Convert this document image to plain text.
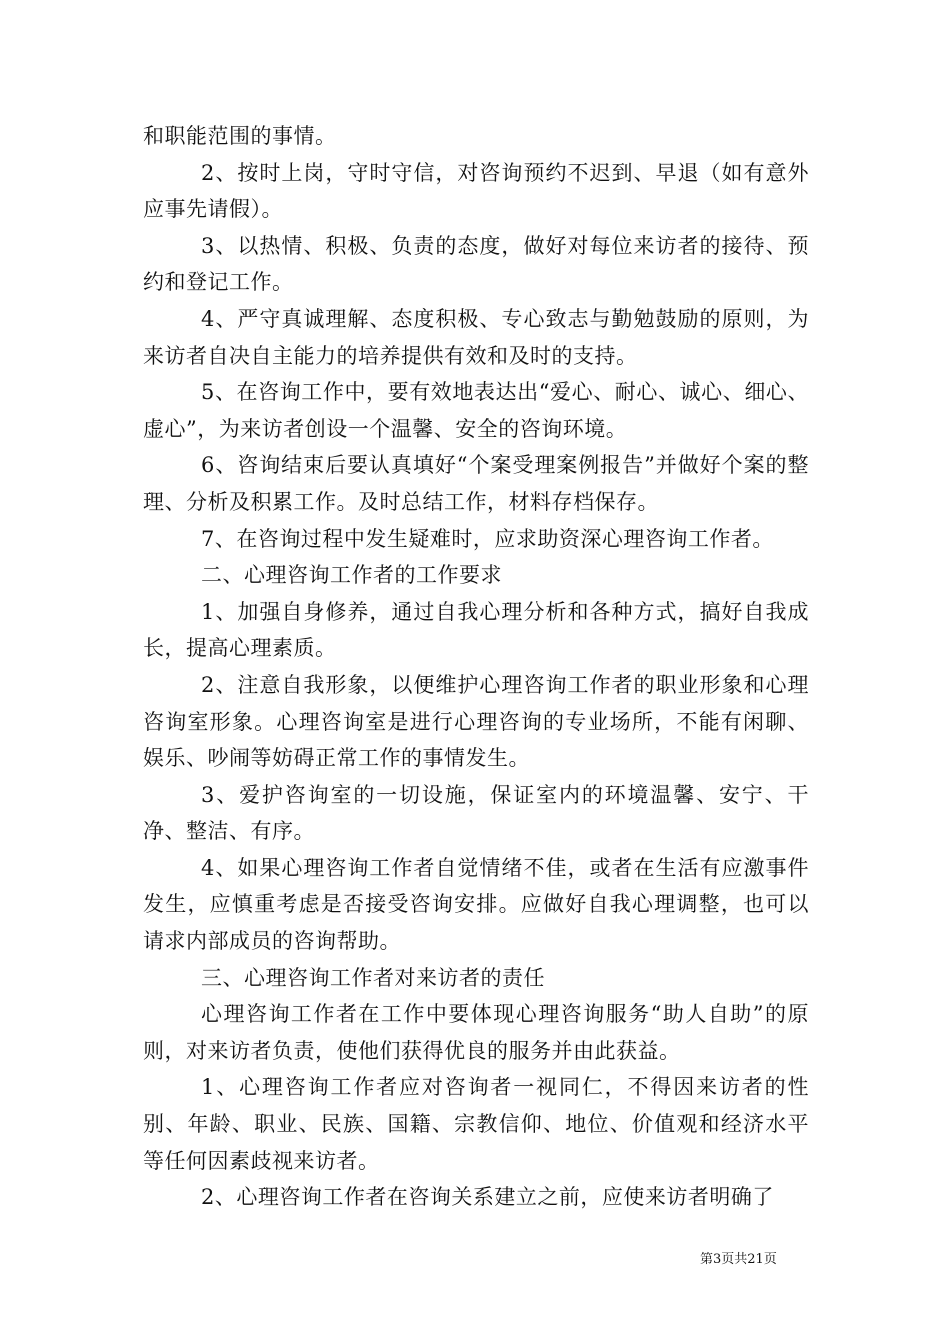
和职能范围的事情。

2、按时上岗，守时守信，对咨询预约不迟到、早退（如有意外应事先请假）。

3、以热情、积极、负责的态度，做好对每位来访者的接待、预约和登记工作。

4、严守真诚理解、态度积极、专心致志与勤勉鼓励的原则，为来访者自决自主能力的培养提供有效和及时的支持。

5、在咨询工作中，要有效地表达出“爱心、耐心、诚心、细心、虚心”，为来访者创设一个温馨、安全的咨询环境。

6、咨询结束后要认真填好“个案受理案例报告”并做好个案的整理、分析及积累工作。及时总结工作，材料存档保存。

7、在咨询过程中发生疑难时，应求助资深心理咨询工作者。

二、心理咨询工作者的工作要求

1、加强自身修养，通过自我心理分析和各种方式，搞好自我成长，提高心理素质。

2、注意自我形象，以便维护心理咨询工作者的职业形象和心理咨询室形象。心理咨询室是进行心理咨询的专业场所，不能有闲聊、娱乐、吵闹等妨碍正常工作的事情发生。

3、爱护咨询室的一切设施，保证室内的环境温馨、安宁、干净、整洁、有序。

4、如果心理咨询工作者自觉情绪不佳，或者在生活有应激事件发生，应慎重考虑是否接受咨询安排。应做好自我心理调整，也可以请求内部成员的咨询帮助。

三、心理咨询工作者对来访者的责任

心理咨询工作者在工作中要体现心理咨询服务“助人自助”的原则，对来访者负责，使他们获得优良的服务并由此获益。

1、心理咨询工作者应对咨询者一视同仁，不得因来访者的性别、年龄、职业、民族、国籍、宗教信仰、地位、价值观和经济水平等任何因素歧视来访者。

2、心理咨询工作者在咨询关系建立之前，应使来访者明确了

第3页共21页
